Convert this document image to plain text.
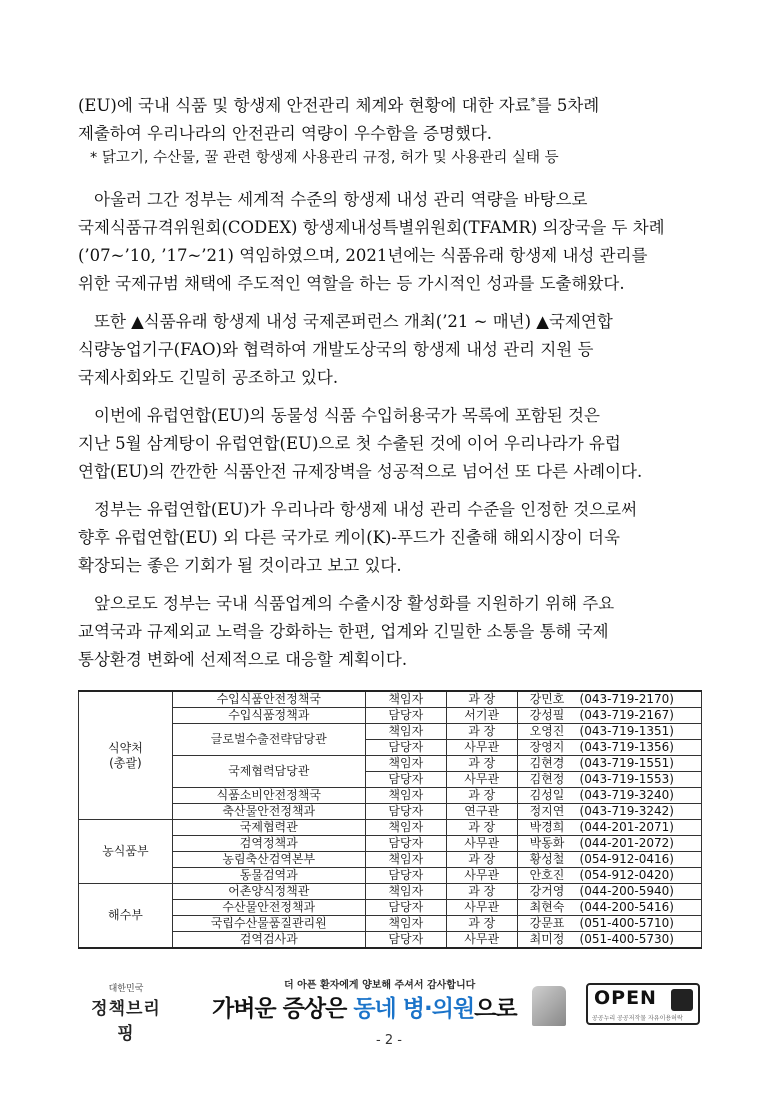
(EU)에 국내 식품 및 항생제 안전관리 체계와 현황에 대한 자료*를 5차례
제출하여 우리나라의 안전관리 역량이 우수함을 증명했다.
* 닭고기, 수산물, 꿀 관련 항생제 사용관리 규정, 허가 및 사용관리 실태 등
아울러 그간 정부는 세계적 수준의 항생제 내성 관리 역량을 바탕으로
국제식품규격위원회(CODEX) 항생제내성특별위원회(TFAMR) 의장국을 두 차례
(’07~’10, ’17~’21) 역임하였으며, 2021년에는 식품유래 항생제 내성 관리를
위한 국제규범 채택에 주도적인 역할을 하는 등 가시적인 성과를 도출해왔다.
또한 ▲식품유래 항생제 내성 국제콘퍼런스 개최(’21 ~ 매년) ▲국제연합
식량농업기구(FAO)와 협력하여 개발도상국의 항생제 내성 관리 지원 등
국제사회와도 긴밀히 공조하고 있다.
이번에 유럽연합(EU)의 동물성 식품 수입허용국가 목록에 포함된 것은
지난 5월 삼계탕이 유럽연합(EU)으로 첫 수출된 것에 이어 우리나라가 유럽
연합(EU)의 깐깐한 식품안전 규제장벽을 성공적으로 넘어선 또 다른 사례이다.
정부는 유럽연합(EU)가 우리나라 항생제 내성 관리 수준을 인정한 것으로써
향후 유럽연합(EU) 외 다른 국가로 케이(K)-푸드가 진출해 해외시장이 더욱
확장되는 좋은 기회가 될 것이라고 보고 있다.
앞으로도 정부는 국내 식품업계의 수출시장 활성화를 지원하기 위해 주요
교역국과 규제외교 노력을 강화하는 한편, 업계와 긴밀한 소통을 통해 국제
통상환경 변화에 선제적으로 대응할 계획이다.
식약처
(총괄)	수입식품안전정책국	책임자	과 장	강민호	(043-719-2170)
	수입식품정책과	담당자	서기관	강성필	(043-719-2167)
	글로벌수출전략담당관	책임자	과 장	오영진	(043-719-1351)
		담당자	사무관	장영지	(043-719-1356)
	국제협력담당관	책임자	과 장	김현경	(043-719-1551)
		담당자	사무관	김현정	(043-719-1553)
	식품소비안전정책국	책임자	과 장	김성일	(043-719-3240)
	축산물안전정책과	담당자	연구관	정지연	(043-719-3242)
농식품부	국제협력관	책임자	과 장	박경희	(044-201-2071)
	검역정책과	담당자	사무관	박동화	(044-201-2072)
	농림축산검역본부	책임자	과 장	황성철	(054-912-0416)
	동물검역과	담당자	사무관	안호진	(054-912-0420)
해수부	어촌양식정책관	책임자	과 장	강거영	(044-200-5940)
	수산물안전정책과	담당자	사무관	최현숙	(044-200-5416)
	국립수산물품질관리원	책임자	과 장	강문표	(051-400-5710)
	검역검사과	담당자	사무관	최미정	(051-400-5730)
대한민국
정책브리핑
더 아픈 환자에게 양보해 주셔서 감사합니다
가벼운 증상은 동네 병·의원으로	OPEN
공공누리 공공저작물 자유이용허락
- 2 -
